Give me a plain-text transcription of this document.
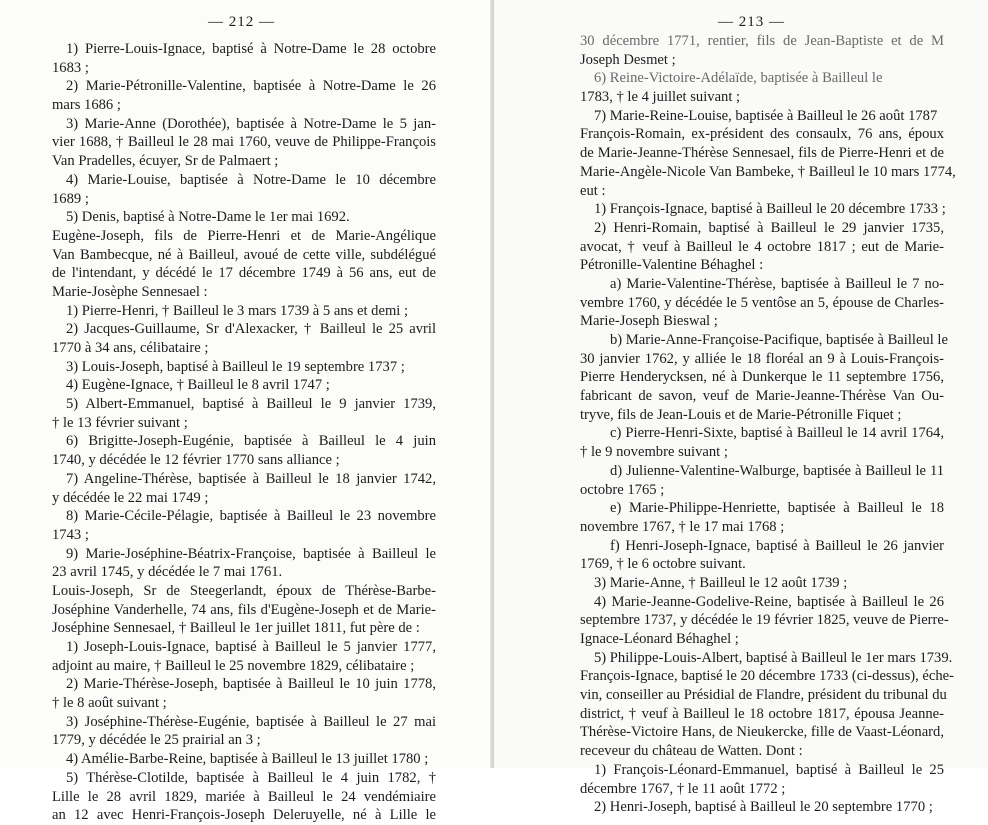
— 212 —
1) Pierre-Louis-Ignace, baptisé à Notre-Dame le 28 octobre
1683 ;
2) Marie-Pétronille-Valentine, baptisée à Notre-Dame le 26
mars 1686 ;
3) Marie-Anne (Dorothée), baptisée à Notre-Dame le 5 jan-
vier 1688, † Bailleul le 28 mai 1760, veuve de Philippe-François
Van Pradelles, écuyer, Sr de Palmaert ;
4) Marie-Louise, baptisée à Notre-Dame le 10 décembre
1689 ;
5) Denis, baptisé à Notre-Dame le 1er mai 1692.
Eugène-Joseph, fils de Pierre-Henri et de Marie-Angélique
Van Bambecque, né à Bailleul, avoué de cette ville, subdélégué
de l'intendant, y décédé le 17 décembre 1749 à 56 ans, eut de
Marie-Josèphe Sennesael :
1) Pierre-Henri, † Bailleul le 3 mars 1739 à 5 ans et demi ;
2) Jacques-Guillaume, Sr d'Alexacker, † Bailleul le 25 avril
1770 à 34 ans, célibataire ;
3) Louis-Joseph, baptisé à Bailleul le 19 septembre 1737 ;
4) Eugène-Ignace, † Bailleul le 8 avril 1747 ;
5) Albert-Emmanuel, baptisé à Bailleul le 9 janvier 1739,
† le 13 février suivant ;
6) Brigitte-Joseph-Eugénie, baptisée à Bailleul le 4 juin
1740, y décédée le 12 février 1770 sans alliance ;
7) Angeline-Thérèse, baptisée à Bailleul le 18 janvier 1742,
y décédée le 22 mai 1749 ;
8) Marie-Cécile-Pélagie, baptisée à Bailleul le 23 novembre
1743 ;
9) Marie-Joséphine-Béatrix-Françoise, baptisée à Bailleul le
23 avril 1745, y décédée le 7 mai 1761.
Louis-Joseph, Sr de Steegerlandt, époux de Thérèse-Barbe-
Joséphine Vanderhelle, 74 ans, fils d'Eugène-Joseph et de Marie-
Joséphine Sennesael, † Bailleul le 1er juillet 1811, fut père de :
1) Joseph-Louis-Ignace, baptisé à Bailleul le 5 janvier 1777,
adjoint au maire, † Bailleul le 25 novembre 1829, célibataire ;
2) Marie-Thérèse-Joseph, baptisée à Bailleul le 10 juin 1778,
† le 8 août suivant ;
3) Joséphine-Thérèse-Eugénie, baptisée à Bailleul le 27 mai
1779, y décédée le 25 prairial an 3 ;
4) Amélie-Barbe-Reine, baptisée à Bailleul le 13 juillet 1780 ;
5) Thérèse-Clotilde, baptisée à Bailleul le 4 juin 1782, †
Lille le 28 avril 1829, mariée à Bailleul le 24 vendémiaire
an 12 avec Henri-François-Joseph Deleruyelle, né à Lille le
— 213 —
30 décembre 1771, rentier, fils de Jean-Baptiste et de M
Joseph Desmet ;
6) Reine-Victoire-Adélaïde, baptisée à Bailleul le
1783, † le 4 juillet suivant ;
7) Marie-Reine-Louise, baptisée à Bailleul le 26 août 1787
François-Romain, ex-président des consaulx, 76 ans, époux
de Marie-Jeanne-Thérèse Sennesael, fils de Pierre-Henri et de
Marie-Angèle-Nicole Van Bambeke, † Bailleul le 10 mars 1774,
eut :
1) François-Ignace, baptisé à Bailleul le 20 décembre 1733 ;
2) Henri-Romain, baptisé à Bailleul le 29 janvier 1735,
avocat, † veuf à Bailleul le 4 octobre 1817 ; eut de Marie-
Pétronille-Valentine Béhaghel :
a) Marie-Valentine-Thérèse, baptisée à Bailleul le 7 no-
vembre 1760, y décédée le 5 ventôse an 5, épouse de Charles-
Marie-Joseph Bieswal ;
b) Marie-Anne-Françoise-Pacifique, baptisée à Bailleul le
30 janvier 1762, y alliée le 18 floréal an 9 à Louis-François-
Pierre Henderycksen, né à Dunkerque le 11 septembre 1756,
fabricant de savon, veuf de Marie-Jeanne-Thérèse Van Ou-
tryve, fils de Jean-Louis et de Marie-Pétronille Fiquet ;
c) Pierre-Henri-Sixte, baptisé à Bailleul le 14 avril 1764,
† le 9 novembre suivant ;
d) Julienne-Valentine-Walburge, baptisée à Bailleul le 11
octobre 1765 ;
e) Marie-Philippe-Henriette, baptisée à Bailleul le 18
novembre 1767, † le 17 mai 1768 ;
f) Henri-Joseph-Ignace, baptisé à Bailleul le 26 janvier
1769, † le 6 octobre suivant.
3) Marie-Anne, † Bailleul le 12 août 1739 ;
4) Marie-Jeanne-Godelive-Reine, baptisée à Bailleul le 26
septembre 1737, y décédée le 19 février 1825, veuve de Pierre-
Ignace-Léonard Béhaghel ;
5) Philippe-Louis-Albert, baptisé à Bailleul le 1er mars 1739.
François-Ignace, baptisé le 20 décembre 1733 (ci-dessus), éche-
vin, conseiller au Présidial de Flandre, président du tribunal du
district, † veuf à Bailleul le 18 octobre 1817, épousa Jeanne-
Thérèse-Victoire Hans, de Nieukercke, fille de Vaast-Léonard,
receveur du château de Watten. Dont :
1) François-Léonard-Emmanuel, baptisé à Bailleul le 25
décembre 1767, † le 11 août 1772 ;
2) Henri-Joseph, baptisé à Bailleul le 20 septembre 1770 ;
